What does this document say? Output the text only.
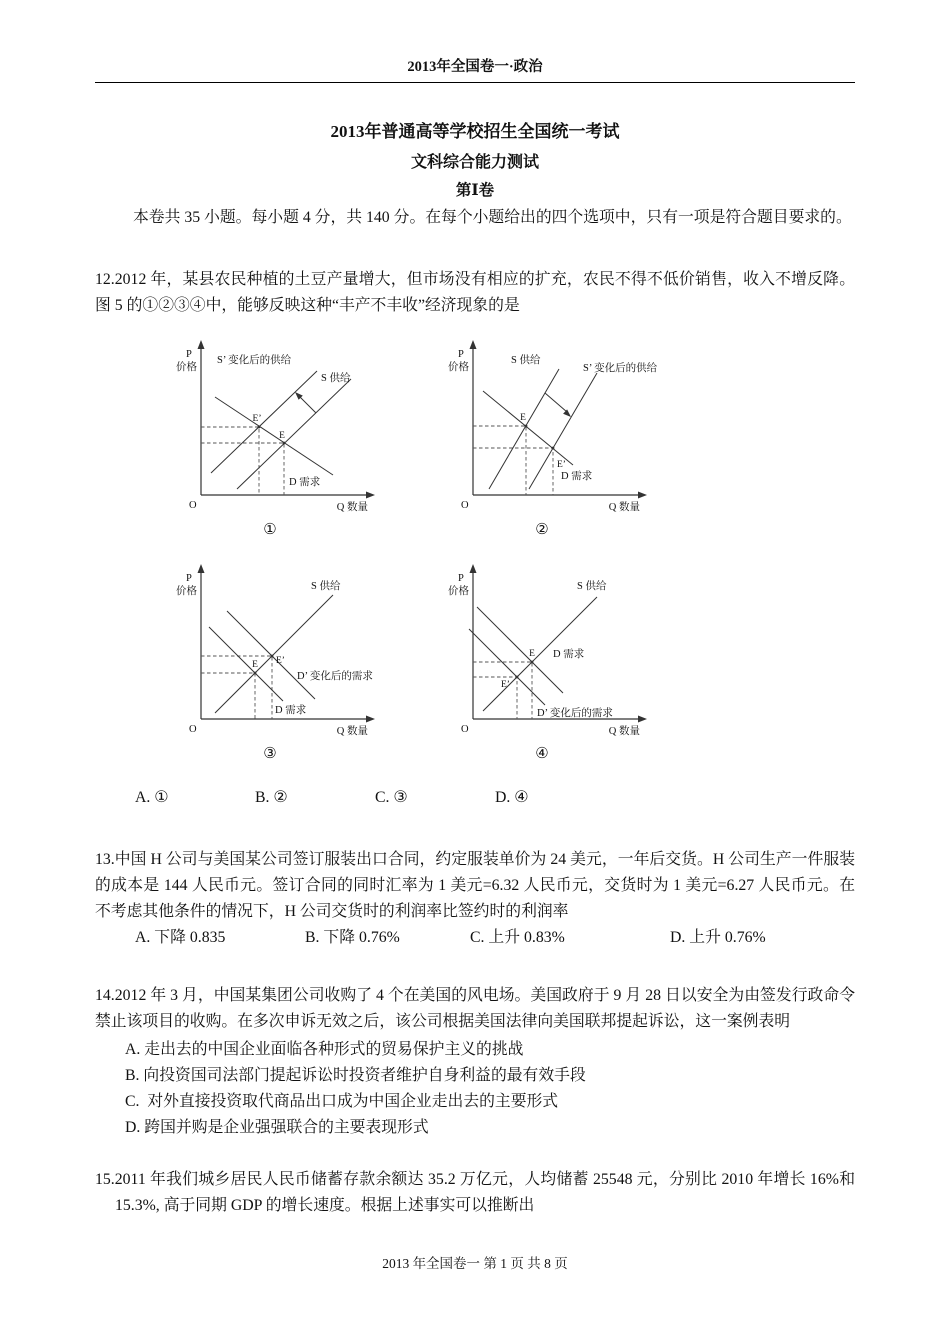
2013年全国卷一·政治
2013年普通高等学校招生全国统一考试
文科综合能力测试
第Ⅰ卷

本卷共 35 小题。每小题 4 分，共 140 分。在每个小题给出的四个选项中，只有一项是符合题目要求的。

12.2012 年，某县农民种植的土豆产量增大，但市场没有相应的扩充，农民不得不低价销售，收入不增反降。图 5 的①②③④中，能够反映这种“丰产不丰收”经济现象的是

P
价格
O	Q 数量
S’ 变化后的供给
S 供给
E’
E
D 需求
①
P
价格
O	Q 数量
S 供给
S’ 变化后的供给
E
E’
D 需求
②
P
价格
O	Q 数量
S 供给
E’
D’ 变化后的需求
E
D 需求
③
P
价格
O	Q 数量
S 供给
E D 需求
E’
D’ 变化后的需求
④
A. ①	B. ②	C. ③	D. ④

13.中国 H 公司与美国某公司签订服装出口合同，约定服装单价为 24 美元，一年后交货。H 公司生产一件服装的成本是 144 人民币元。签订合同的同时汇率为 1 美元=6.32 人民币元，交货时为 1 美元=6.27 人民币元。在不考虑其他条件的情况下，H 公司交货时的利润率比签约时的利润率

A. 下降 0.835	B. 下降 0.76%	C. 上升 0.83%	D. 上升 0.76%

14.2012 年 3 月，中国某集团公司收购了 4 个在美国的风电场。美国政府于 9 月 28 日以安全为由签发行政命令禁止该项目的收购。在多次申诉无效之后，该公司根据美国法律向美国联邦提起诉讼，这一案例表明

A. 走出去的中国企业面临各种形式的贸易保护主义的挑战
B. 向投资国司法部门提起诉讼时投资者维护自身利益的最有效手段
C.  对外直接投资取代商品出口成为中国企业走出去的主要形式
D. 跨国并购是企业强强联合的主要表现形式

15.2011 年我们城乡居民人民币储蓄存款余额达 35.2 万亿元，人均储蓄 25548 元，分别比 2010 年增长 16%和 15.3%, 高于同期 GDP 的增长速度。根据上述事实可以推断出

2013 年全国卷一 第 1 页 共 8 页
